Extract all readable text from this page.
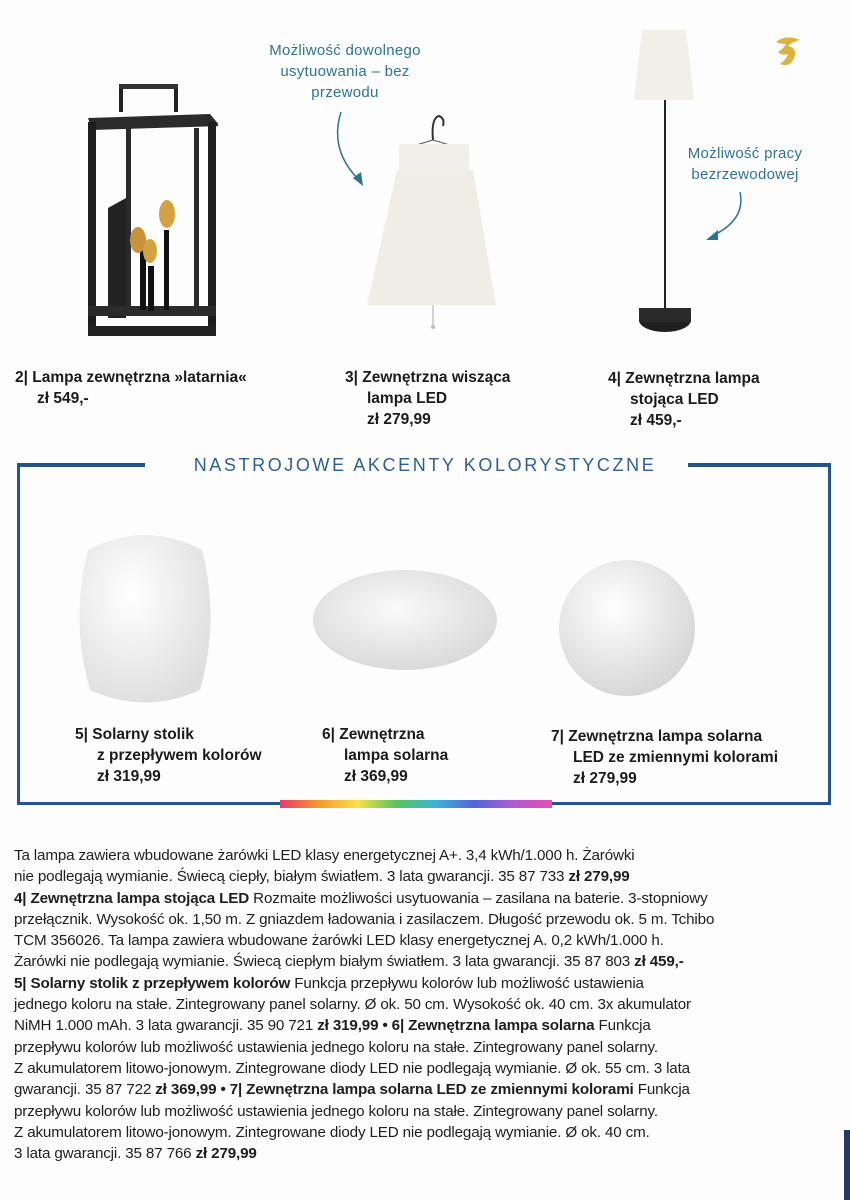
Możliwość dowolnego
usytuowania – bez
przewodu
Możliwość pracy
bezrzewodowej
2| Lampa zewnętrzna »latarnia«
zł 549,-
3| Zewnętrzna wisząca
lampa LED
zł 279,99
4| Zewnętrzna lampa
stojąca LED
zł 459,-
NASTROJOWE AKCENTY KOLORYSTYCZNE
5| Solarny stolik
z przepływem kolorów
zł 319,99
6| Zewnętrzna
lampa solarna
zł 369,99
7| Zewnętrzna lampa solarna
LED ze zmiennymi kolorami
zł 279,99
Ta lampa zawiera wbudowane żarówki LED klasy energetycznej A+. 3,4 kWh/1.000 h. Żarówki
nie podlegają wymianie. Świecą ciepły, białym światłem. 3 lata gwarancji. 35 87 733 zł 279,99
4| Zewnętrzna lampa stojąca LED Rozmaite możliwości usytuowania – zasilana na baterie. 3-stopniowy
przełącznik. Wysokość ok. 1,50 m. Z gniazdem ładowania i zasilaczem. Długość przewodu ok. 5 m. Tchibo
TCM 356026. Ta lampa zawiera wbudowane żarówki LED klasy energetycznej A. 0,2 kWh/1.000 h.
Żarówki nie podlegają wymianie. Świecą ciepłym białym światłem. 3 lata gwarancji. 35 87 803 zł 459,-
5| Solarny stolik z przepływem kolorów Funkcja przepływu kolorów lub możliwość ustawienia
jednego koloru na stałe. Zintegrowany panel solarny. Ø ok. 50 cm. Wysokość ok. 40 cm. 3x akumulator
NiMH 1.000 mAh. 3 lata gwarancji. 35 90 721 zł 319,99 • 6| Zewnętrzna lampa solarna Funkcja
przepływu kolorów lub możliwość ustawienia jednego koloru na stałe. Zintegrowany panel solarny.
Z akumulatorem litowo-jonowym. Zintegrowane diody LED nie podlegają wymianie. Ø ok. 55 cm. 3 lata
gwarancji. 35 87 722 zł 369,99 • 7| Zewnętrzna lampa solarna LED ze zmiennymi kolorami Funkcja
przepływu kolorów lub możliwość ustawienia jednego koloru na stałe. Zintegrowany panel solarny.
Z akumulatorem litowo-jonowym. Zintegrowane diody LED nie podlegają wymianie. Ø ok. 40 cm.
3 lata gwarancji. 35 87 766 zł 279,99
